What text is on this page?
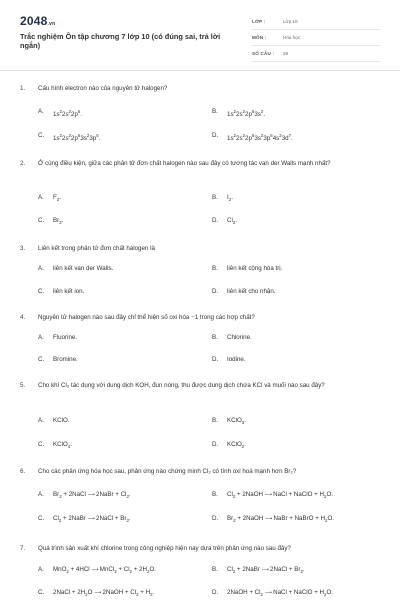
2048.vn
Trắc nghiệm Ôn tập chương 7 lớp 10 (có đúng sai, trả lời ngắn)
LỚP :	Lớp 10
MÔN :	Hóa học
SỐ CÂU : 28
1. Cấu hình electron nào của nguyên tử halogen?
A. $1s^22s^22p^6$.	B. $1s^22s^22p^63s^2$.
C. $1s^22s^22p^63s^23p^5$.	D. $1s^22s^22p^63s^23p^64s^23d^7$.
2. Ở cùng điều kiện, giữa các phân tử đơn chất halogen nào sau đây có tương tác van der Walls mạnh nhất?
A. $F_2$.	B. $I_2$.
C. $Br_2$.	D. $Cl_2$.
3. Liên kết trong phân tử đơn chất halogen là
A. liên kết van der Walls.	B. liên kết cộng hóa trị.
C. liên kết ion.	D. liên kết cho nhận.
4. Nguyên tử halogen nào sau đây chỉ thể hiện số oxi hóa −1 trong các hợp chất?
A. Fluorine.	B. Chlorine.
C. Bromine.	D. Iodine.
5. Cho khí Cl₂ tác dụng với dung dịch KOH, đun nóng, thu được dung dịch chứa KCl và muối nào sau đây?
A. KClO.	B. KClO$_3$.
C. KClO$_4$.	D. KClO$_2$.
6. Cho các phản ứng hóa học sau, phản ứng nào chứng minh Cl₂ có tính oxi hoá mạnh hơn Br₂?
A. $Br_2$ + 2NaCl ⟶ 2NaBr + $Cl_2$.	B. $Cl_2$ + 2NaOH ⟶ NaCl + NaClO + $H_2O$.
C. $Cl_2$ + 2NaBr ⟶ 2NaCl + $Br_2$.	D. $Br_2$ + 2NaOH ⟶ NaBr + NaBrO + $H_2O$.
7. Quá trình sản xuất khí chlorine trong công nghiệp hiện nay dựa trên phản ứng nào sau đây?
A. MnO$_2$ + 4HCl ⟶ MnCl$_2$ + $Cl_2 + 2H_2O$.	B. $Cl_2$ + 2NaBr ⟶ 2NaCl + $Br_2$.
C. 2NaCl + $2H_2O$ ⟶ 2NaOH + $Cl_2 + H_2$.	D. 2NaOH + $Cl_2$ ⟶ NaCl + NaClO + $H_2O$.
